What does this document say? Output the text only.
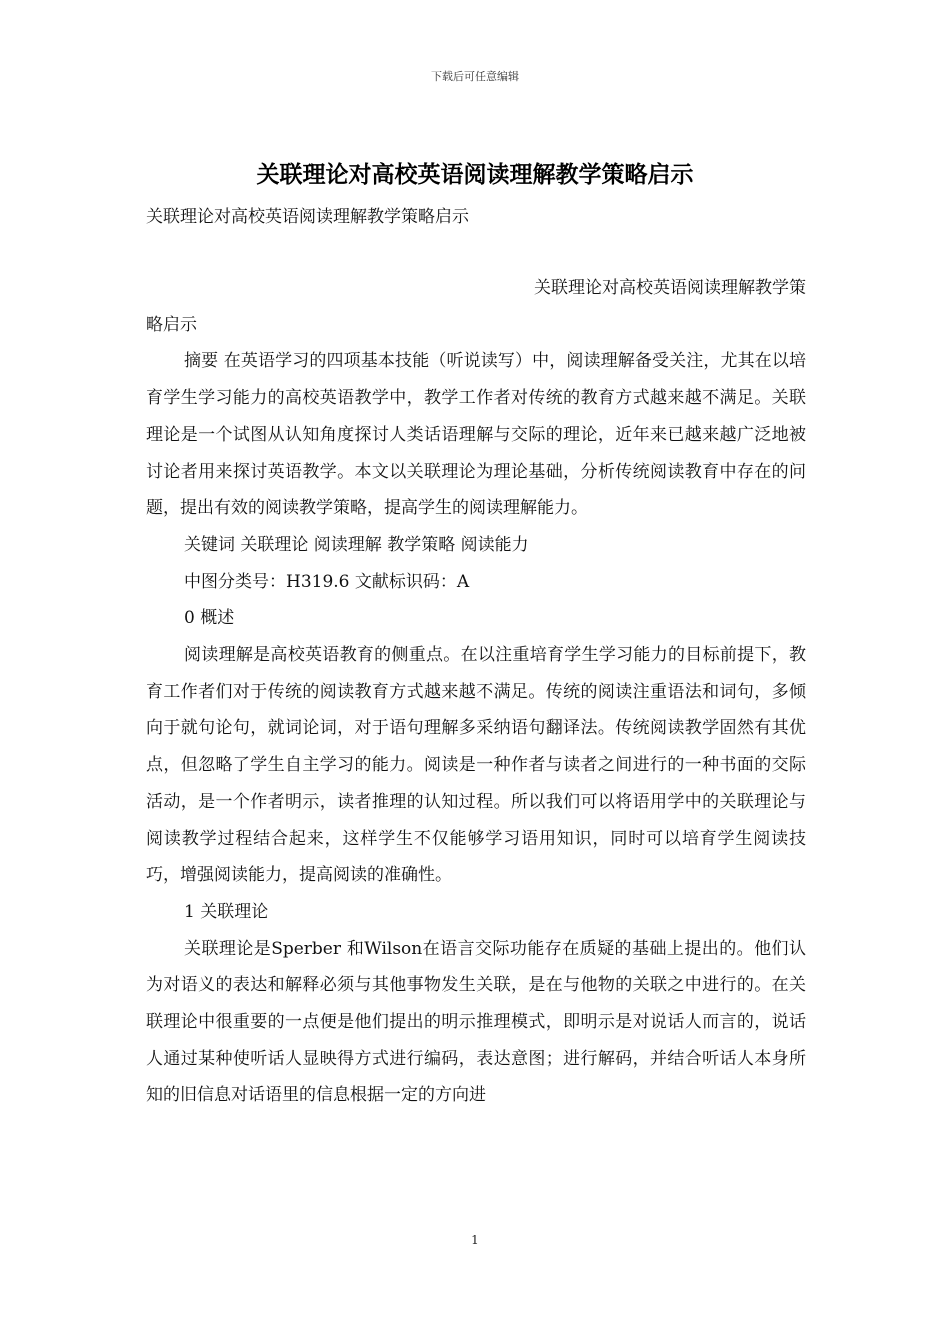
下载后可任意编辑
关联理论对高校英语阅读理解教学策略启示
关联理论对高校英语阅读理解教学策略启示

关联理论对高校英语阅读理解教学策

略启示

摘要 在英语学习的四项基本技能（听说读写）中，阅读理解备受关注，尤其在以培育学生学习能力的高校英语教学中，教学工作者对传统的教育方式越来越不满足。关联理论是一个试图从认知角度探讨人类话语理解与交际的理论，近年来已越来越广泛地被讨论者用来探讨英语教学。本文以关联理论为理论基础，分析传统阅读教育中存在的问题，提出有效的阅读教学策略，提高学生的阅读理解能力。

关键词 关联理论 阅读理解 教学策略 阅读能力

中图分类号：H319.6 文献标识码：A

0 概述

阅读理解是高校英语教育的侧重点。在以注重培育学生学习能力的目标前提下，教育工作者们对于传统的阅读教育方式越来越不满足。传统的阅读注重语法和词句，多倾向于就句论句，就词论词，对于语句理解多采纳语句翻译法。传统阅读教学固然有其优点，但忽略了学生自主学习的能力。阅读是一种作者与读者之间进行的一种书面的交际活动，是一个作者明示，读者推理的认知过程。所以我们可以将语用学中的关联理论与阅读教学过程结合起来，这样学生不仅能够学习语用知识，同时可以培育学生阅读技巧，增强阅读能力，提高阅读的准确性。

1 关联理论

关联理论是Sperber 和Wilson在语言交际功能存在质疑的基础上提出的。他们认为对语义的表达和解释必须与其他事物发生关联，是在与他物的关联之中进行的。在关联理论中很重要的一点便是他们提出的明示推理模式，即明示是对说话人而言的，说话人通过某种使听话人显映得方式进行编码，表达意图；进行解码，并结合听话人本身所知的旧信息对话语里的信息根据一定的方向进

1
